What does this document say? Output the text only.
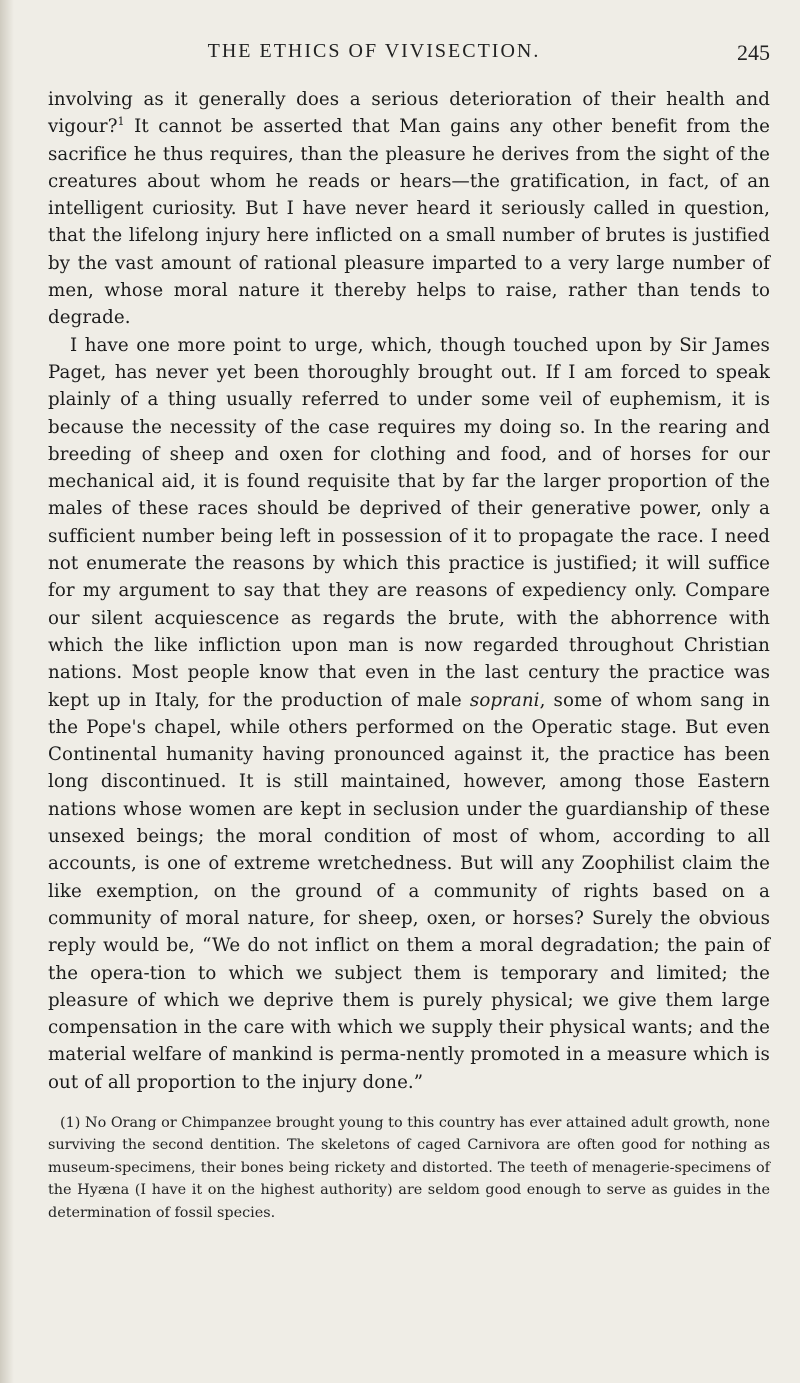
THE ETHICS OF VIVISECTION.	245

involving as it generally does a serious deterioration of their health and vigour?$^1$ It cannot be asserted that Man gains any other benefit from the sacrifice he thus requires, than the pleasure he derives from the sight of the creatures about whom he reads or hears—the gratification, in fact, of an intelligent curiosity. But I have never heard it seriously called in question, that the lifelong injury here inflicted on a small number of brutes is justified by the vast amount of rational pleasure imparted to a very large number of men, whose moral nature it thereby helps to raise, rather than tends to degrade.

I have one more point to urge, which, though touched upon by Sir James Paget, has never yet been thoroughly brought out. If I am forced to speak plainly of a thing usually referred to under some veil of euphemism, it is because the necessity of the case requires my doing so. In the rearing and breeding of sheep and oxen for clothing and food, and of horses for our mechanical aid, it is found requisite that by far the larger proportion of the males of these races should be deprived of their generative power, only a sufficient number being left in possession of it to propagate the race. I need not enumerate the reasons by which this practice is justified; it will suffice for my argument to say that they are reasons of expediency only. Compare our silent acquiescence as regards the brute, with the abhorrence with which the like infliction upon man is now regarded throughout Christian nations. Most people know that even in the last century the practice was kept up in Italy, for the production of male soprani, some of whom sang in the Pope's chapel, while others performed on the Operatic stage. But even Continental humanity having pronounced against it, the practice has been long discontinued. It is still maintained, however, among those Eastern nations whose women are kept in seclusion under the guardianship of these unsexed beings; the moral condition of most of whom, according to all accounts, is one of extreme wretchedness. But will any Zoophilist claim the like exemption, on the ground of a community of rights based on a community of moral nature, for sheep, oxen, or horses? Surely the obvious reply would be, “We do not inflict on them a moral degradation; the pain of the opera-tion to which we subject them is temporary and limited; the pleasure of which we deprive them is purely physical; we give them large compensation in the care with which we supply their physical wants; and the material welfare of mankind is perma-nently promoted in a measure which is out of all proportion to the injury done.”

(1) No Orang or Chimpanzee brought young to this country has ever attained adult growth, none surviving the second dentition. The skeletons of caged Carnivora are often good for nothing as museum-specimens, their bones being rickety and distorted. The teeth of menagerie-specimens of the Hyæna (I have it on the highest authority) are seldom good enough to serve as guides in the determination of fossil species.
